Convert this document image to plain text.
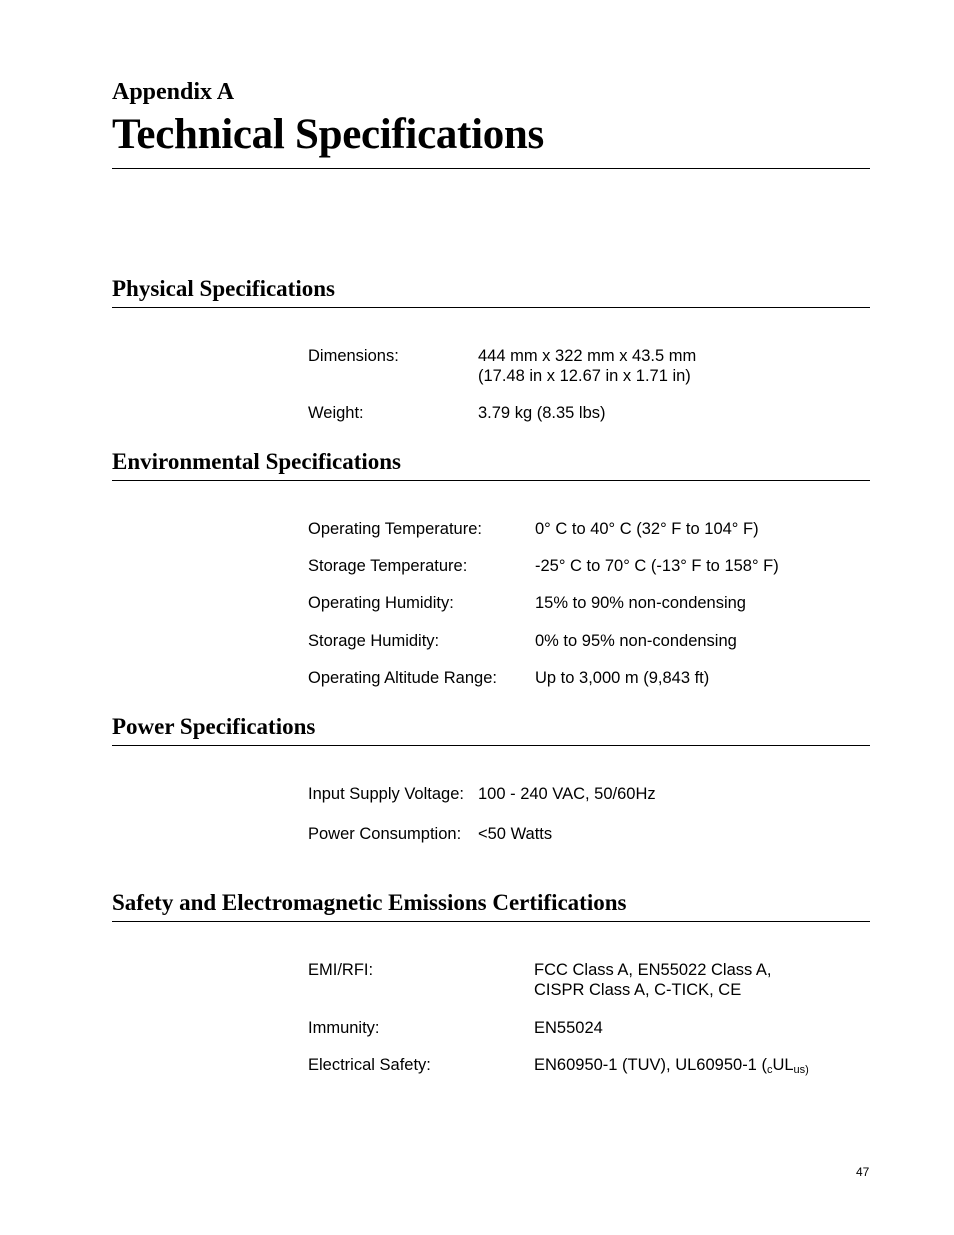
Appendix A
Technical Specifications
Physical Specifications
Dimensions:	444 mm x 322 mm x 43.5 mm
(17.48 in x 12.67 in x 1.71 in)
Weight:	3.79 kg (8.35 lbs)
Environmental Specifications
Operating Temperature:	0° C to 40° C (32° F to 104° F)
Storage Temperature:	-25° C to 70° C (-13° F to 158° F)
Operating Humidity:	15% to 90% non-condensing
Storage Humidity:	0% to 95% non-condensing
Operating Altitude Range: Up to 3,000 m (9,843 ft)
Power Specifications
Input Supply Voltage: 100 - 240 VAC, 50/60Hz
Power Consumption: <50 Watts
Safety and Electromagnetic Emissions Certifications
EMI/RFI:	FCC Class A, EN55022 Class A,
CISPR Class A, C-TICK, CE
Immunity:	EN55024
Electrical Safety:	EN60950-1 (TUV), UL60950-1 ($_cUL_{us)}$
47
